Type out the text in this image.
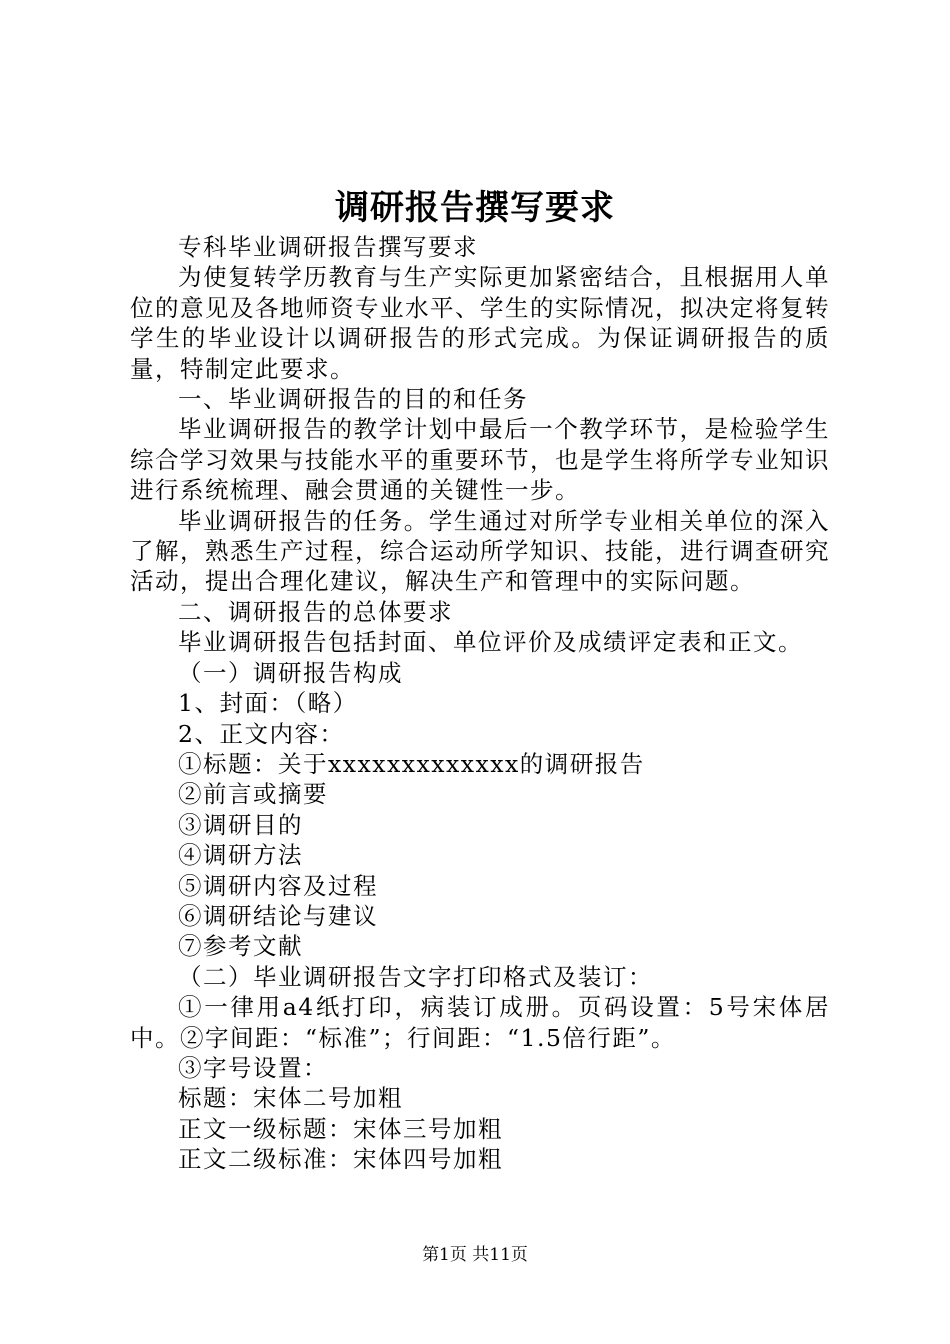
调研报告撰写要求

专科毕业调研报告撰写要求

为使复转学历教育与生产实际更加紧密结合，且根据用人单位的意见及各地师资专业水平、学生的实际情况，拟决定将复转学生的毕业设计以调研报告的形式完成。为保证调研报告的质量，特制定此要求。

一、毕业调研报告的目的和任务

毕业调研报告的教学计划中最后一个教学环节，是检验学生综合学习效果与技能水平的重要环节，也是学生将所学专业知识进行系统梳理、融会贯通的关键性一步。

毕业调研报告的任务。学生通过对所学专业相关单位的深入了解，熟悉生产过程，综合运动所学知识、技能，进行调查研究活动，提出合理化建议，解决生产和管理中的实际问题。

二、调研报告的总体要求

毕业调研报告包括封面、单位评价及成绩评定表和正文。

（一）调研报告构成

1、封面：（略）

2、正文内容：

①标题：关于xxxxxxxxxxxxx的调研报告

②前言或摘要

③调研目的

④调研方法

⑤调研内容及过程

⑥调研结论与建议

⑦参考文献

（二）毕业调研报告文字打印格式及装订：

①一律用a4纸打印，病装订成册。页码设置：5号宋体居中。②字间距：“标准”；行间距：“1.5倍行距”。

③字号设置：

标题：宋体二号加粗

正文一级标题：宋体三号加粗

正文二级标准：宋体四号加粗

第1页 共11页
